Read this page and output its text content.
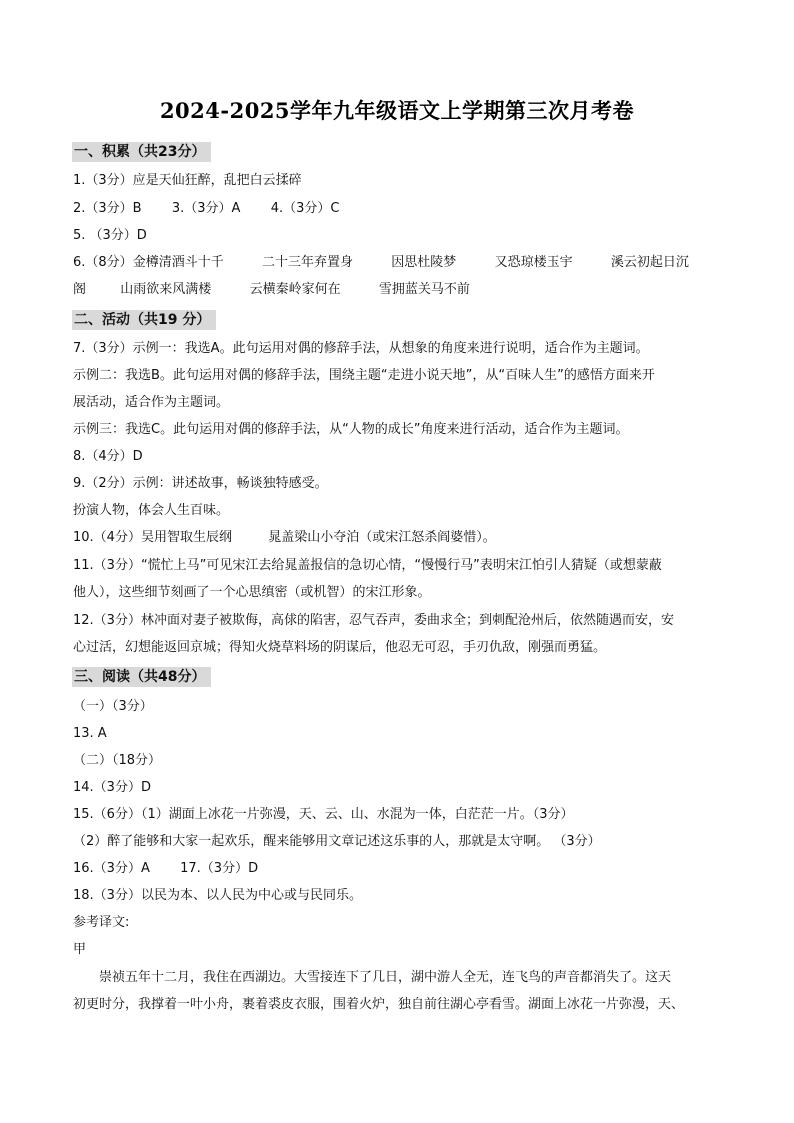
2024-2025学年九年级语文上学期第三次月考卷
一、积累（共23分）
1.（3分）应是天仙狂醉，乱把白云揉碎
2.（3分）B 3.（3分）A 4.（3分）C
5. （3分）D
6.（8分）金樽清酒斗十千	二十三年弃置身	因思杜陵梦	又恐琼楼玉宇	溪云初起日沉
阁	山雨欲来风满楼	云横秦岭家何在	雪拥蓝关马不前
二、活动（共19 分）
7.（3分）示例一：我选A。此句运用对偶的修辞手法，从想象的角度来进行说明，适合作为主题词。
示例二：我选B。此句运用对偶的修辞手法，围绕主题“走进小说天地”，从“百味人生”的感悟方面来开
展活动，适合作为主题词。
示例三：我选C。此句运用对偶的修辞手法，从“人物的成长”角度来进行活动，适合作为主题词。
8.（4分）D
9.（2分）示例：讲述故事，畅谈独特感受。
扮演人物，体会人生百味。
10.（4分）吴用智取生辰纲	晁盖梁山小夺泊（或宋江怒杀阎婆惜）。
11.（3分）“慌忙上马”可见宋江去给晁盖报信的急切心情，“慢慢行马”表明宋江怕引人猜疑（或想蒙蔽
他人），这些细节刻画了一个心思缜密（或机智）的宋江形象。
12.（3分）林冲面对妻子被欺侮，高俅的陷害，忍气吞声，委曲求全；到刺配沧州后，依然随遇而安，安
心过活，幻想能返回京城；得知火烧草料场的阴谋后，他忍无可忍，手刃仇敌，刚强而勇猛。
三、阅读（共48分）
（一）（3分）
13. A
（二）（18分）
14.（3分）D
15.（6分）（1）湖面上冰花一片弥漫，天、云、山、水混为一体，白茫茫一片。（3分）
（2）醉了能够和大家一起欢乐，醒来能够用文章记述这乐事的人，那就是太守啊。 （3分）
16.（3分）A 17.（3分）D
18.（3分）以民为本、以人民为中心或与民同乐。
参考译文:
甲
崇祯五年十二月，我住在西湖边。大雪接连下了几日，湖中游人全无，连飞鸟的声音都消失了。这天
初更时分，我撑着一叶小舟，裹着裘皮衣服，围着火炉，独自前往湖心亭看雪。湖面上冰花一片弥漫，天、
